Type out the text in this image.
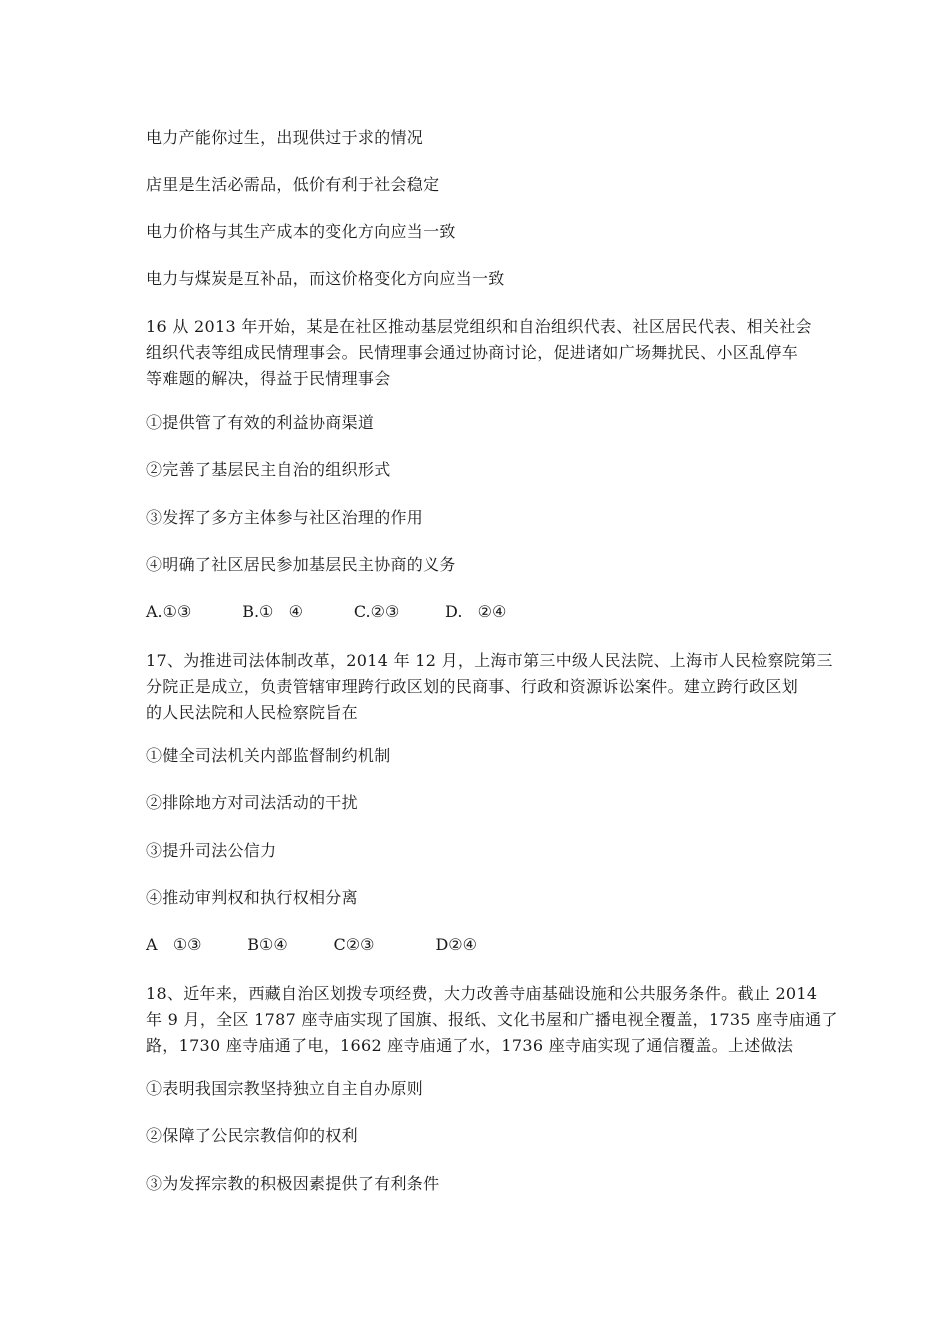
电力产能你过生，出现供过于求的情况
店里是生活必需品，低价有利于社会稳定
电力价格与其生产成本的变化方向应当一致
电力与煤炭是互补品，而这价格变化方向应当一致
16 从 2013 年开始，某是在社区推动基层党组织和自治组织代表、社区居民代表、相关社会
组织代表等组成民情理事会。民情理事会通过协商讨论，促进诸如广场舞扰民、小区乱停车
等难题的解决，得益于民情理事会
①提供管了有效的利益协商渠道
②完善了基层民主自治的组织形式
③发挥了多方主体参与社区治理的作用
④明确了社区居民参加基层民主协商的义务
A.①③          B.①   ④          C.②③         D.   ②④
17、为推进司法体制改革，2014 年 12 月，上海市第三中级人民法院、上海市人民检察院第三
分院正是成立，负责管辖审理跨行政区划的民商事、行政和资源诉讼案件。建立跨行政区划
的人民法院和人民检察院旨在
①健全司法机关内部监督制约机制
②排除地方对司法活动的干扰
③提升司法公信力
④推动审判权和执行权相分离
A   ①③         B①④         C②③            D②④
18、近年来，西藏自治区划拨专项经费，大力改善寺庙基础设施和公共服务条件。截止 2014
年 9 月，全区 1787 座寺庙实现了国旗、报纸、文化书屋和广播电视全覆盖，1735 座寺庙通了
路，1730 座寺庙通了电，1662 座寺庙通了水，1736 座寺庙实现了通信覆盖。上述做法
①表明我国宗教坚持独立自主自办原则
②保障了公民宗教信仰的权利
③为发挥宗教的积极因素提供了有利条件
